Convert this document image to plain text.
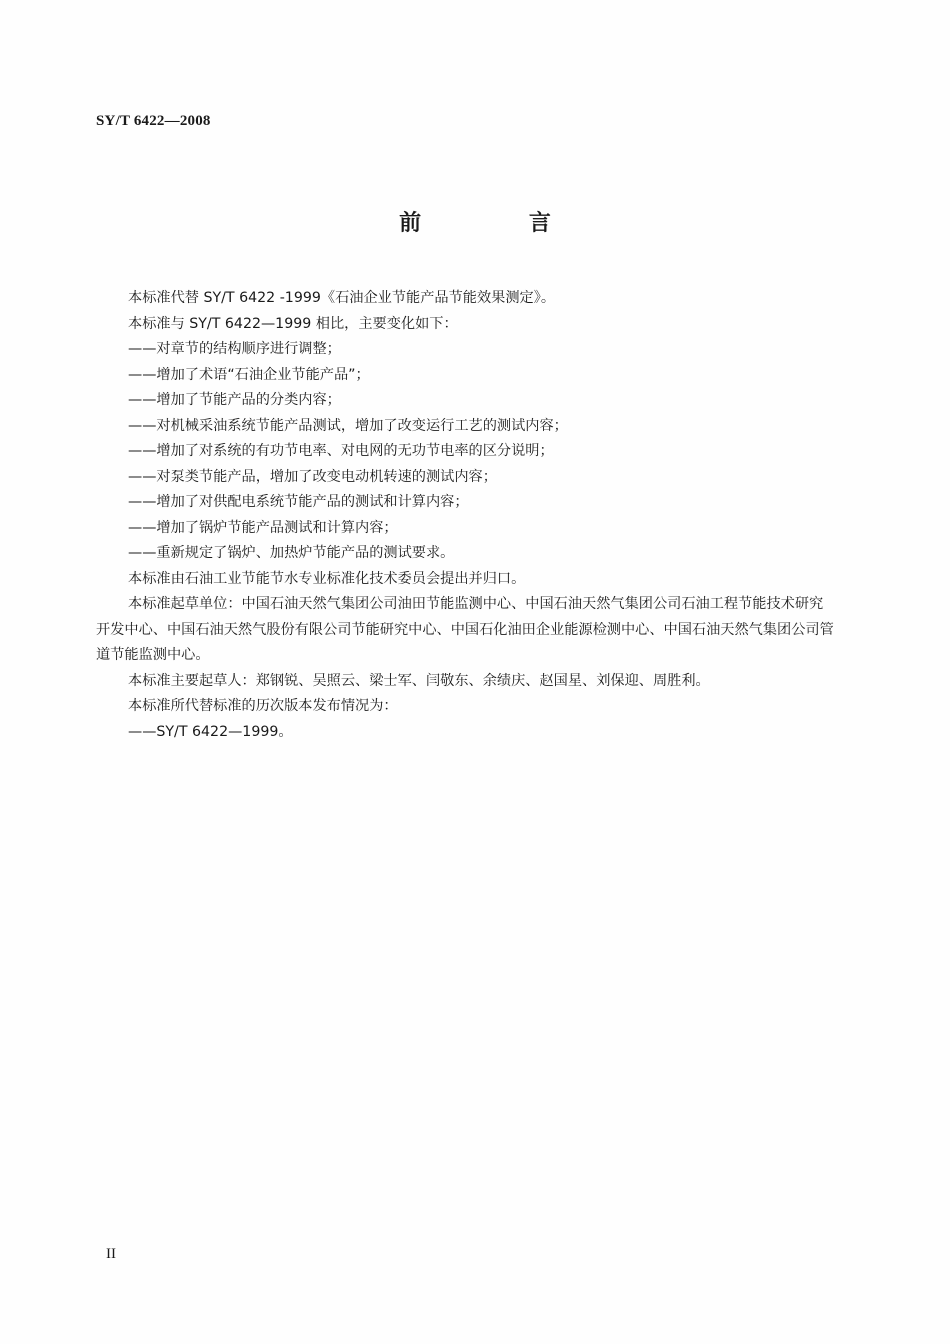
SY/T 6422—2008
前 言

本标准代替 SY/T 6422 -1999《石油企业节能产品节能效果测定》。

本标准与 SY/T 6422—1999 相比，主要变化如下：

——对章节的结构顺序进行调整；

——增加了术语“石油企业节能产品”；

——增加了节能产品的分类内容；

——对机械采油系统节能产品测试，增加了改变运行工艺的测试内容；

——增加了对系统的有功节电率、对电网的无功节电率的区分说明；

——对泵类节能产品，增加了改变电动机转速的测试内容；

——增加了对供配电系统节能产品的测试和计算内容；

——增加了锅炉节能产品测试和计算内容；

——重新规定了锅炉、加热炉节能产品的测试要求。

本标准由石油工业节能节水专业标准化技术委员会提出并归口。

本标准起草单位：中国石油天然气集团公司油田节能监测中心、中国石油天然气集团公司石油工程节能技术研究开发中心、中国石油天然气股份有限公司节能研究中心、中国石化油田企业能源检测中心、中国石油天然气集团公司管道节能监测中心。

本标准主要起草人：郑钢锐、吴照云、梁士军、闫敬东、余绩庆、赵国星、刘保迎、周胜利。

本标准所代替标准的历次版本发布情况为：

——SY/T 6422—1999。

II
